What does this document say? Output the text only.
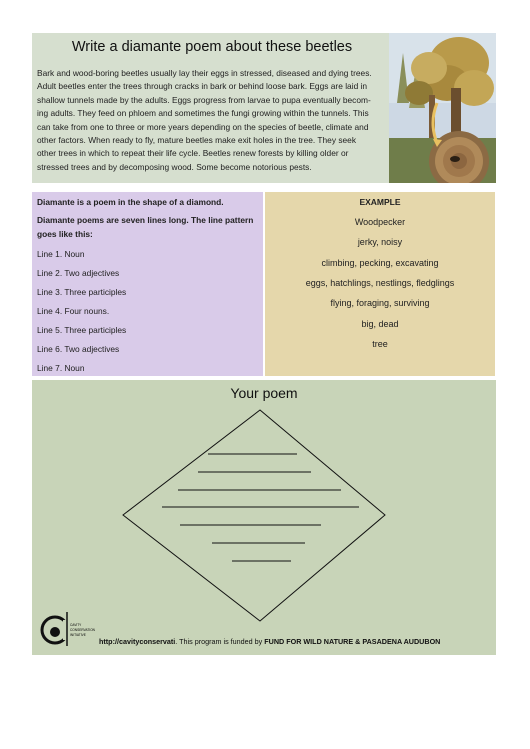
Write a diamante poem about these beetles

Bark and wood-boring beetles usually lay their eggs in stressed, diseased and dying trees.

Adult beetles enter the trees through cracks in bark or behind loose bark. Eggs are laid in

shallow tunnels made by the adults. Eggs progress from larvae to pupa eventually becom-

ing adults. They feed on phloem and sometimes the fungi growing within the tunnels. This

can take from one to three or more years depending on the species of beetle, climate and

other factors. When ready to fly, mature beetles make exit holes in the tree. They seek

other trees in which to repeat their life cycle. Beetles renew forests by killing older or

stressed trees and by decomposing wood. Some become notorious pests.

Diamante is a poem in the shape of a diamond.
Diamante poems are seven lines long. The line pattern
goes like this:
Line 1. Noun
Line 2. Two adjectives
Line 3. Three participles
Line 4. Four nouns.
Line 5. Three participles
Line 6. Two adjectives
Line 7. Noun
EXAMPLE
Woodpecker
jerky, noisy
climbing, pecking, excavating
eggs, hatchlings, nestlings, fledglings
flying, foraging, surviving
big, dead
tree
Your poem
CAVITY
CONSERVATION
INITIATIVE
http://cavityconservati. This program is funded by FUND FOR WILD NATURE & PASADENA AUDUBON
